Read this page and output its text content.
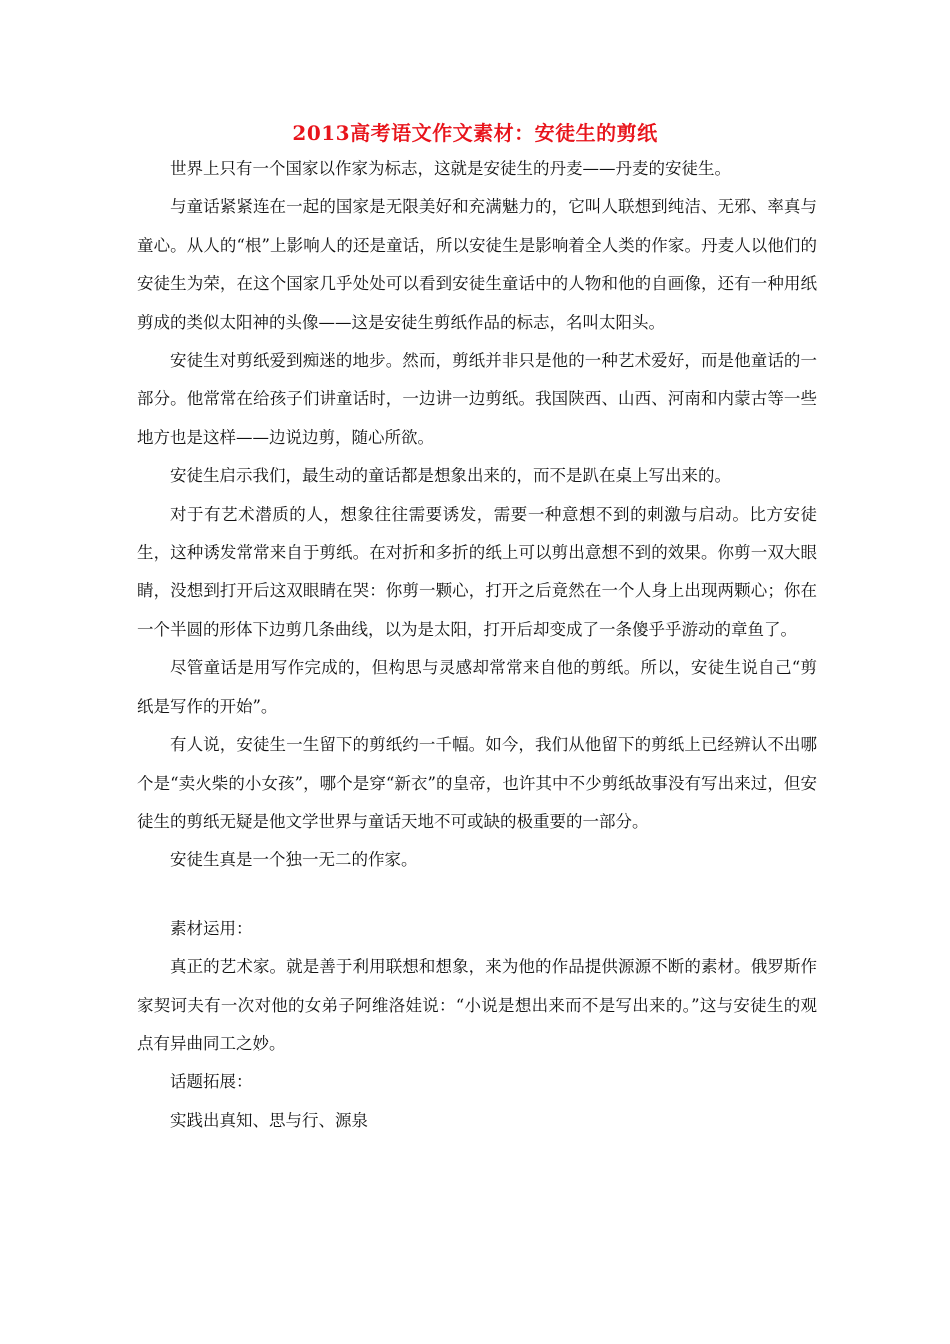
2013高考语文作文素材：安徒生的剪纸

世界上只有一个国家以作家为标志，这就是安徒生的丹麦——丹麦的安徒生。

与童话紧紧连在一起的国家是无限美好和充满魅力的，它叫人联想到纯洁、无邪、率真与童心。从人的“根”上影响人的还是童话，所以安徒生是影响着全人类的作家。丹麦人以他们的安徒生为荣，在这个国家几乎处处可以看到安徒生童话中的人物和他的自画像，还有一种用纸剪成的类似太阳神的头像——这是安徒生剪纸作品的标志，名叫太阳头。

安徒生对剪纸爱到痴迷的地步。然而，剪纸并非只是他的一种艺术爱好，而是他童话的一部分。他常常在给孩子们讲童话时，一边讲一边剪纸。我国陕西、山西、河南和内蒙古等一些地方也是这样——边说边剪，随心所欲。

安徒生启示我们，最生动的童话都是想象出来的，而不是趴在桌上写出来的。

对于有艺术潜质的人，想象往往需要诱发，需要一种意想不到的刺激与启动。比方安徒生，这种诱发常常来自于剪纸。在对折和多折的纸上可以剪出意想不到的效果。你剪一双大眼睛，没想到打开后这双眼睛在哭：你剪一颗心，打开之后竟然在一个人身上出现两颗心；你在一个半圆的形体下边剪几条曲线，以为是太阳，打开后却变成了一条傻乎乎游动的章鱼了。

尽管童话是用写作完成的，但构思与灵感却常常来自他的剪纸。所以，安徒生说自己“剪纸是写作的开始”。

有人说，安徒生一生留下的剪纸约一千幅。如今，我们从他留下的剪纸上已经辨认不出哪个是“卖火柴的小女孩”，哪个是穿“新衣”的皇帝，也许其中不少剪纸故事没有写出来过，但安徒生的剪纸无疑是他文学世界与童话天地不可或缺的极重要的一部分。

安徒生真是一个独一无二的作家。

素材运用：

真正的艺术家。就是善于利用联想和想象，来为他的作品提供源源不断的素材。俄罗斯作家契诃夫有一次对他的女弟子阿维洛娃说：“小说是想出来而不是写出来的。”这与安徒生的观点有异曲同工之妙。

话题拓展：

实践出真知、思与行、源泉
